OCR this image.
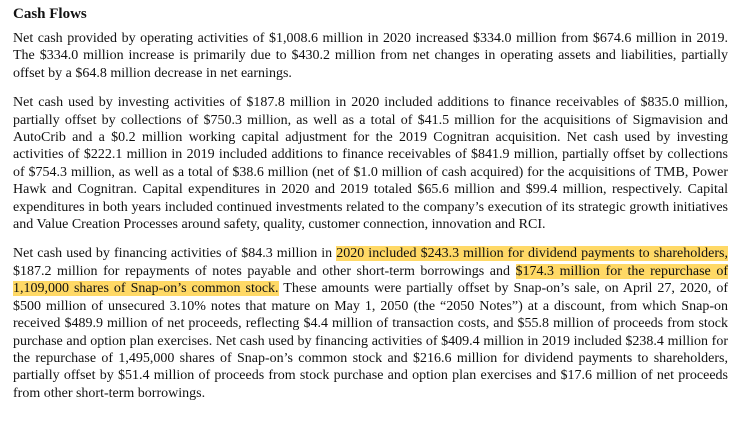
Cash Flows

Net cash provided by operating activities of $1,008.6 million in 2020 increased $334.0 million from $674.6 million in 2019. The $334.0 million increase is primarily due to $430.2 million from net changes in operating assets and liabilities, partially offset by a $64.8 million decrease in net earnings.

Net cash used by investing activities of $187.8 million in 2020 included additions to finance receivables of $835.0 million, partially offset by collections of $750.3 million, as well as a total of $41.5 million for the acquisitions of Sigmavision and AutoCrib and a $0.2 million working capital adjustment for the 2019 Cognitran acquisition. Net cash used by investing activities of $222.1 million in 2019 included additions to finance receivables of $841.9 million, partially offset by collections of $754.3 million, as well as a total of $38.6 million (net of $1.0 million of cash acquired) for the acquisitions of TMB, Power Hawk and Cognitran. Capital expenditures in 2020 and 2019 totaled $65.6 million and $99.4 million, respectively. Capital expenditures in both years included continued investments related to the company’s execution of its strategic growth initiatives and Value Creation Processes around safety, quality, customer connection, innovation and RCI.

Net cash used by financing activities of $84.3 million in 2020 included $243.3 million for dividend payments to shareholders, $187.2 million for repayments of notes payable and other short-term borrowings and $174.3 million for the repurchase of 1,109,000 shares of Snap-on’s common stock. These amounts were partially offset by Snap-on’s sale, on April 27, 2020, of $500 million of unsecured 3.10% notes that mature on May 1, 2050 (the “2050 Notes”) at a discount, from which Snap-on received $489.9 million of net proceeds, reflecting $4.4 million of transaction costs, and $55.8 million of proceeds from stock purchase and option plan exercises. Net cash used by financing activities of $409.4 million in 2019 included $238.4 million for the repurchase of 1,495,000 shares of Snap-on’s common stock and $216.6 million for dividend payments to shareholders, partially offset by $51.4 million of proceeds from stock purchase and option plan exercises and $17.6 million of net proceeds from other short-term borrowings.
